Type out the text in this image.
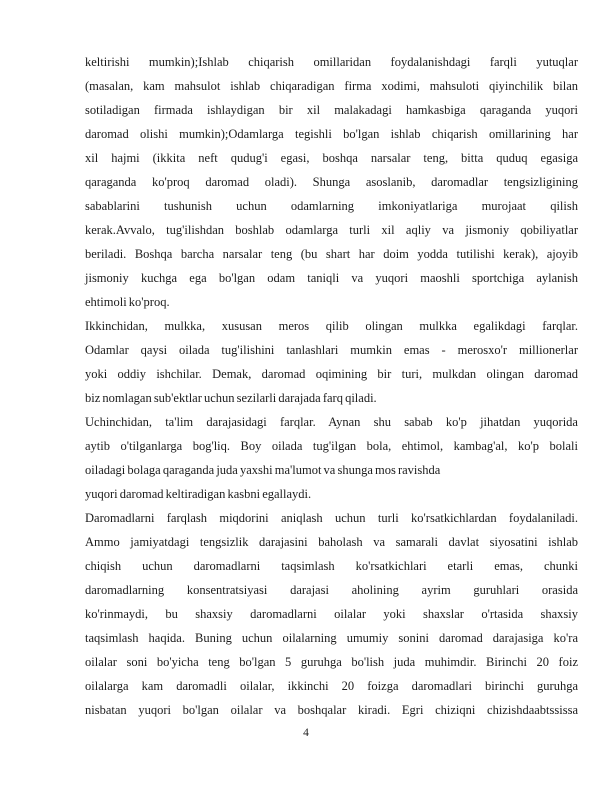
keltirishi mumkin);Ishlab chiqarish omillaridan foydalanishdagi farqli yutuqlar
(masalan, kam mahsulot ishlab chiqaradigan firma xodimi, mahsuloti qiyinchilik bilan
sotiladigan firmada ishlaydigan bir xil malakadagi hamkasbiga qaraganda yuqori
daromad olishi mumkin);Odamlarga tegishli bo'lgan ishlab chiqarish omillarining har
xil hajmi (ikkita neft qudug'i egasi, boshqa narsalar teng, bitta quduq egasiga
qaraganda ko'proq daromad oladi). Shunga asoslanib, daromadlar tengsizligining
sabablarini tushunish uchun odamlarning imkoniyatlariga murojaat qilish
kerak.Avvalo, tug'ilishdan boshlab odamlarga turli xil aqliy va jismoniy qobiliyatlar
beriladi. Boshqa barcha narsalar teng (bu shart har doim yodda tutilishi kerak), ajoyib
jismoniy kuchga ega bo'lgan odam taniqli va yuqori maoshli sportchiga aylanish
ehtimoli ko'proq.
Ikkinchidan, mulkka, xususan meros qilib olingan mulkka egalikdagi farqlar.
Odamlar qaysi oilada tug'ilishini tanlashlari mumkin emas - merosxo'r millionerlar
yoki oddiy ishchilar. Demak, daromad oqimining bir turi, mulkdan olingan daromad
biz nomlagan sub'ektlar uchun sezilarli darajada farq qiladi.
Uchinchidan, ta'lim darajasidagi farqlar. Aynan shu sabab ko'p jihatdan yuqorida
aytib o'tilganlarga bog'liq. Boy oilada tug'ilgan bola, ehtimol, kambag'al, ko'p bolali
oiladagi bolaga qaraganda juda yaxshi ma'lumot va shunga mos ravishda
yuqori daromad keltiradigan kasbni egallaydi.
Daromadlarni farqlash miqdorini aniqlash uchun turli ko'rsatkichlardan foydalaniladi.
Ammo jamiyatdagi tengsizlik darajasini baholash va samarali davlat siyosatini ishlab
chiqish uchun daromadlarni taqsimlash ko'rsatkichlari etarli emas, chunki
daromadlarning konsentratsiyasi darajasi aholining ayrim guruhlari orasida
ko'rinmaydi, bu shaxsiy daromadlarni oilalar yoki shaxslar o'rtasida shaxsiy
taqsimlash haqida. Buning uchun oilalarning umumiy sonini daromad darajasiga ko'ra
oilalar soni bo'yicha teng bo'lgan 5 guruhga bo'lish juda muhimdir. Birinchi 20 foiz
oilalarga kam daromadli oilalar, ikkinchi 20 foizga daromadlari birinchi guruhga
nisbatan yuqori bo'lgan oilalar va boshqalar kiradi. Egri chiziqni chizishdaabtssissa
4
